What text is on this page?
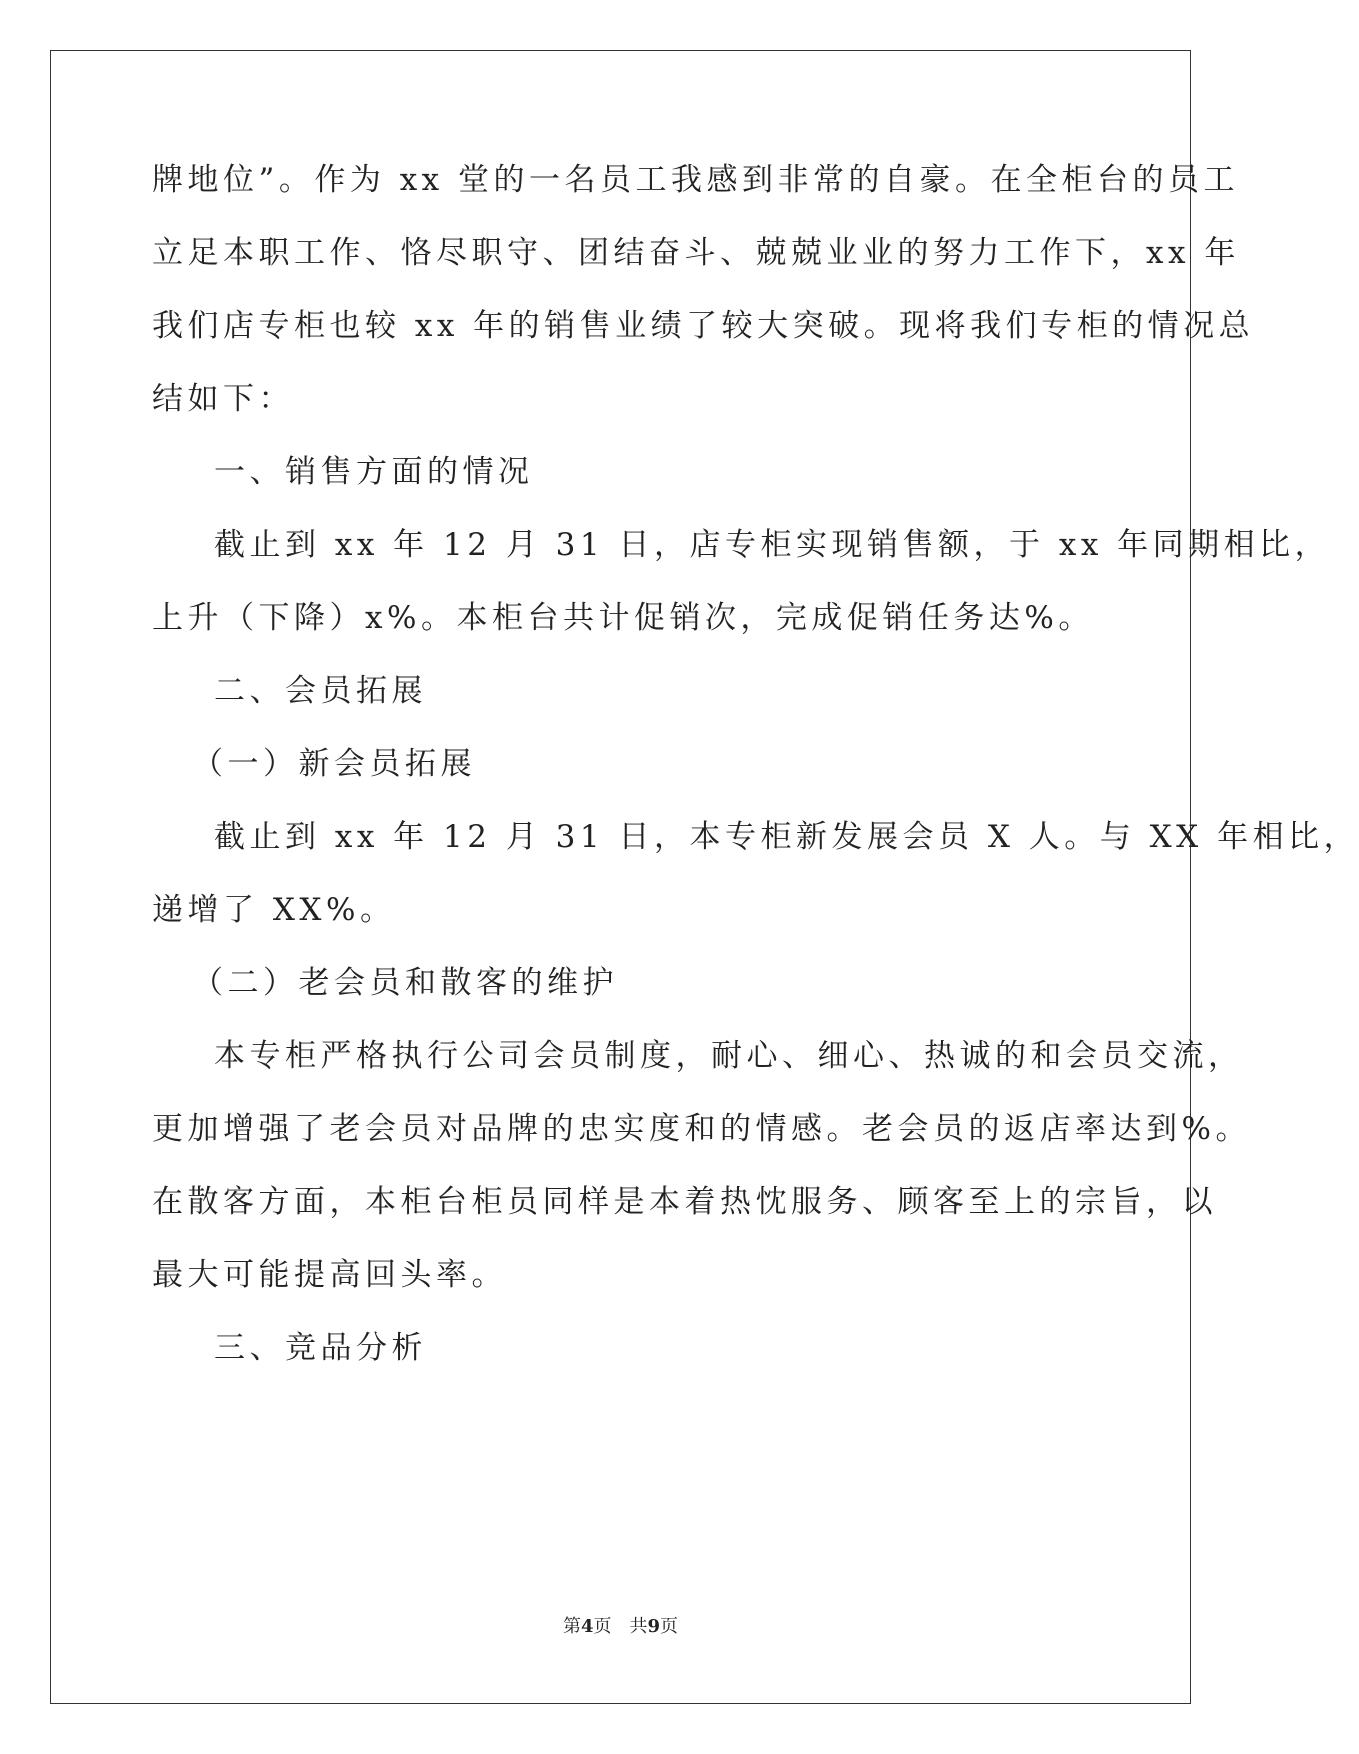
牌地位”。作为 xx 堂的一名员工我感到非常的自豪。在全柜台的员工
立足本职工作、恪尽职守、团结奋斗、兢兢业业的努力工作下，xx 年
我们店专柜也较 xx 年的销售业绩了较大突破。现将我们专柜的情况总
结如下：
一、销售方面的情况
截止到 xx 年 12 月 31 日，店专柜实现销售额，于 xx 年同期相比，
上升（下降）x%。本柜台共计促销次，完成促销任务达%。
二、会员拓展
（一）新会员拓展
截止到 xx 年 12 月 31 日，本专柜新发展会员 X 人。与 XX 年相比，
递增了 XX%。
（二）老会员和散客的维护
本专柜严格执行公司会员制度，耐心、细心、热诚的和会员交流，
更加增强了老会员对品牌的忠实度和的情感。老会员的返店率达到%。
在散客方面，本柜台柜员同样是本着热忱服务、顾客至上的宗旨，以
最大可能提高回头率。
三、竞品分析
第4页　共9页
